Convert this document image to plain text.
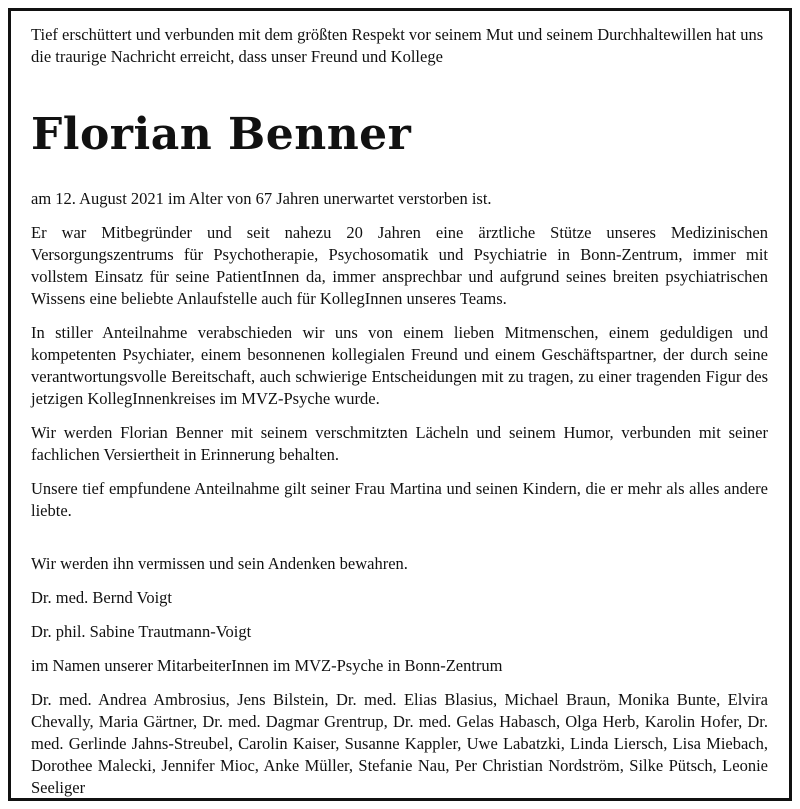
Tief erschüttert und verbunden mit dem größten Respekt vor seinem Mut und seinem Durchhaltewillen hat uns die traurige Nachricht erreicht, dass unser Freund und Kollege

Florian Benner

am 12. August 2021 im Alter von 67 Jahren unerwartet verstorben ist.

Er war Mitbegründer und seit nahezu 20 Jahren eine ärztliche Stütze unseres Medizinischen Versorgungszentrums für Psychotherapie, Psychosomatik und Psychiatrie in Bonn-Zentrum, immer mit vollstem Einsatz für seine PatientInnen da, immer ansprechbar und aufgrund seines breiten psychiatrischen Wissens eine beliebte Anlaufstelle auch für KollegInnen unseres Teams.

In stiller Anteilnahme verabschieden wir uns von einem lieben Mitmenschen, einem geduldigen und kompetenten Psychiater, einem besonnenen kollegialen Freund und einem Geschäftspartner, der durch seine verantwortungsvolle Bereitschaft, auch schwierige Entscheidungen mit zu tragen, zu einer tragenden Figur des jetzigen KollegInnenkreises im MVZ-Psyche wurde.

Wir werden Florian Benner mit seinem verschmitzten Lächeln und seinem Humor, verbunden mit seiner fachlichen Versiertheit in Erinnerung behalten.

Unsere tief empfundene Anteilnahme gilt seiner Frau Martina und seinen Kindern, die er mehr als alles andere liebte.

Wir werden ihn vermissen und sein Andenken bewahren.

Dr. med. Bernd Voigt

Dr. phil. Sabine Trautmann-Voigt

im Namen unserer MitarbeiterInnen im MVZ-Psyche in Bonn-Zentrum

Dr. med. Andrea Ambrosius, Jens Bilstein, Dr. med. Elias Blasius, Michael Braun, Monika Bunte, Elvira Chevally, Maria Gärtner, Dr. med. Dagmar Grentrup, Dr. med. Gelas Habasch, Olga Herb, Karolin Hofer, Dr. med. Gerlinde Jahns-Streubel, Carolin Kaiser, Susanne Kappler, Uwe Labatzki, Linda Liersch, Lisa Miebach, Dorothee Malecki, Jennifer Mioc, Anke Müller, Stefanie Nau, Per Christian Nordström, Silke Pütsch, Leonie Seeliger
